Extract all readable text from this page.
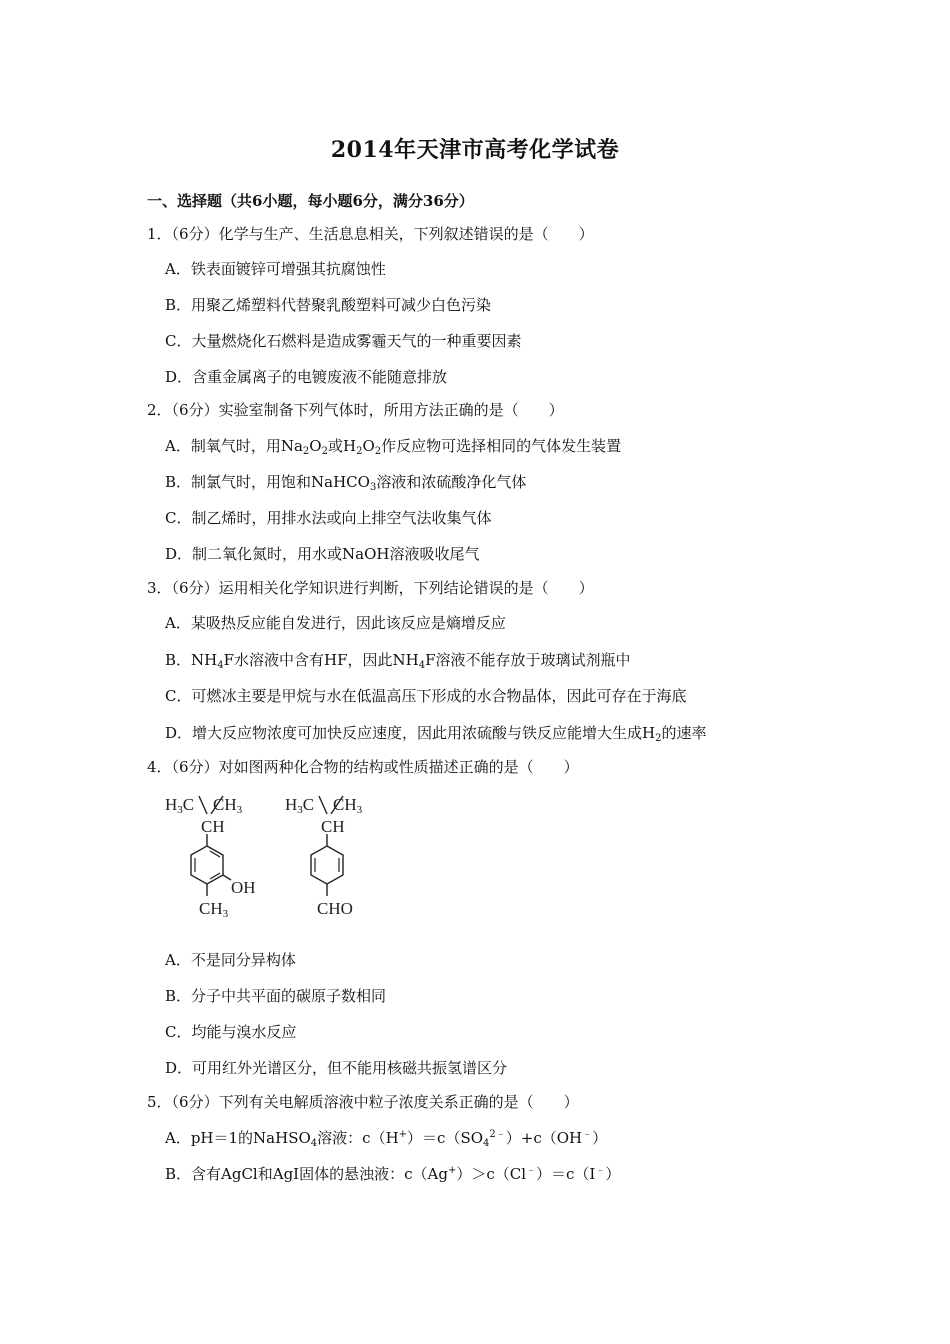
2014年天津市高考化学试卷
一、选择题（共6小题，每小题6分，满分36分）
1．（6分）化学与生产、生活息息相关，下列叙述错误的是（　　）
A．铁表面镀锌可增强其抗腐蚀性
B．用聚乙烯塑料代替聚乳酸塑料可减少白色污染
C．大量燃烧化石燃料是造成雾霾天气的一种重要因素
D．含重金属离子的电镀废液不能随意排放
2．（6分）实验室制备下列气体时，所用方法正确的是（　　）
A．制氧气时，用$Na_2O_2$或$H_2O_2$作反应物可选择相同的气体发生装置
B．制氯气时，用饱和NaHCO$_3$溶液和浓硫酸净化气体
C．制乙烯时，用排水法或向上排空气法收集气体
D．制二氧化氮时，用水或NaOH溶液吸收尾气
3．（6分）运用相关化学知识进行判断，下列结论错误的是（　　）
A．某吸热反应能自发进行，因此该反应是熵增反应
B．$NH_4F$水溶液中含有HF，因此$NH_4F$溶液不能存放于玻璃试剂瓶中
C．可燃冰主要是甲烷与水在低温高压下形成的水合物晶体，因此可存在于海底
D．增大反应物浓度可加快反应速度，因此用浓硫酸与铁反应能增大生成$H_2$的速率
4．（6分）对如图两种化合物的结构或性质描述正确的是（　　）
H3C CH3
CH
OH
CH3
H3C CH3
CH
CHO
A．不是同分异构体
B．分子中共平面的碳原子数相同
C．均能与溴水反应
D．可用红外光谱区分，但不能用核磁共振氢谱区分
5．（6分）下列有关电解质溶液中粒子浓度关系正确的是（　　）
A．pH＝1的NaHSO$_4$溶液：$c(H^+)=c(SO_4^{2﹣})+c(OH^﹣)$
B．含有AgCl和AgI固体的悬浊液：c（Ag+）＞c（Cl﹣）＝c（I﹣）
